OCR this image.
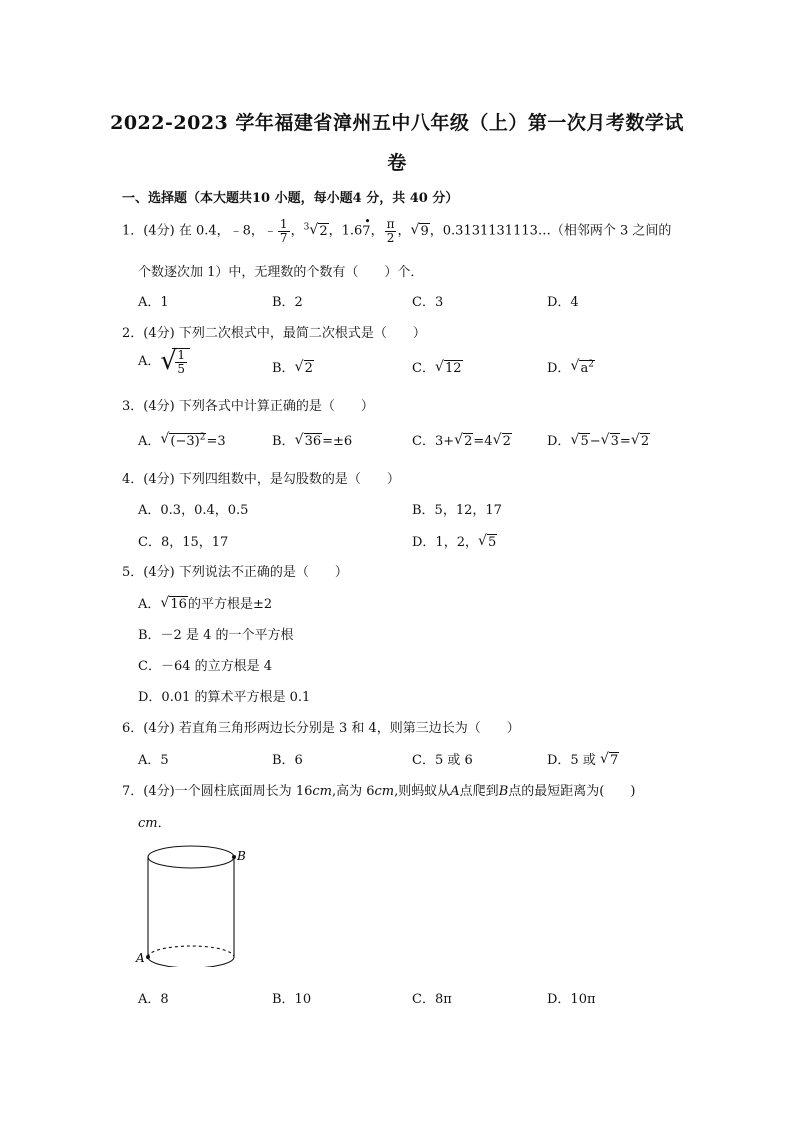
2022-2023 学年福建省漳州五中八年级（上）第一次月考数学试
卷
一、选择题（本大题共10 小题，每小题4 分，共 40 分）
1．(4分) 在 0.4，﹣8，﹣ $\frac{1}{7}$ ，$^3$ √ 2，1.6
•
7， $\frac{\pi}{2}$ ， √ 9，0.3131131113…（相邻两个 3 之间的
个数逐次加 1）中，无理数的个数有（　　）个．
A．1	B．2	C．3	D．4
2．(4分) 下列二次根式中，最简二次根式是（　　）
A． √
$\frac{1}{5}$	B． √ 2	C． √ 12	D． √ $a^2$
3．(4分) 下列各式中计算正确的是（　　）
A． √ $(-3)^2=3$	B． √ 36=±6	C．3+ √ 2=4 √ 2	D． √ 5− √ 3= √ 2
4．(4分) 下列四组数中，是勾股数的是（　　）
A．0.3，0.4，0.5	B．5，12，17
C．8，15，17	D．1，2， √ 5
5．(4分) 下列说法不正确的是（　　）
A． √ 16的平方根是±2
B．－2 是 4 的一个平方根
C．－64 的立方根是 4
D．0.01 的算术平方根是 0.1
6．(4分) 若直角三角形两边长分别是 3 和 4，则第三边长为（　　）
A．5	B．6	C．5 或 6	D．5 或 √ 7
7．(4分)一个圆柱底面周长为 16cm,高为 6cm,则蚂蚁从A点爬到B点的最短距离为(　　)
cm．
B
A
A．8	B．10	C．8π	D．10π
